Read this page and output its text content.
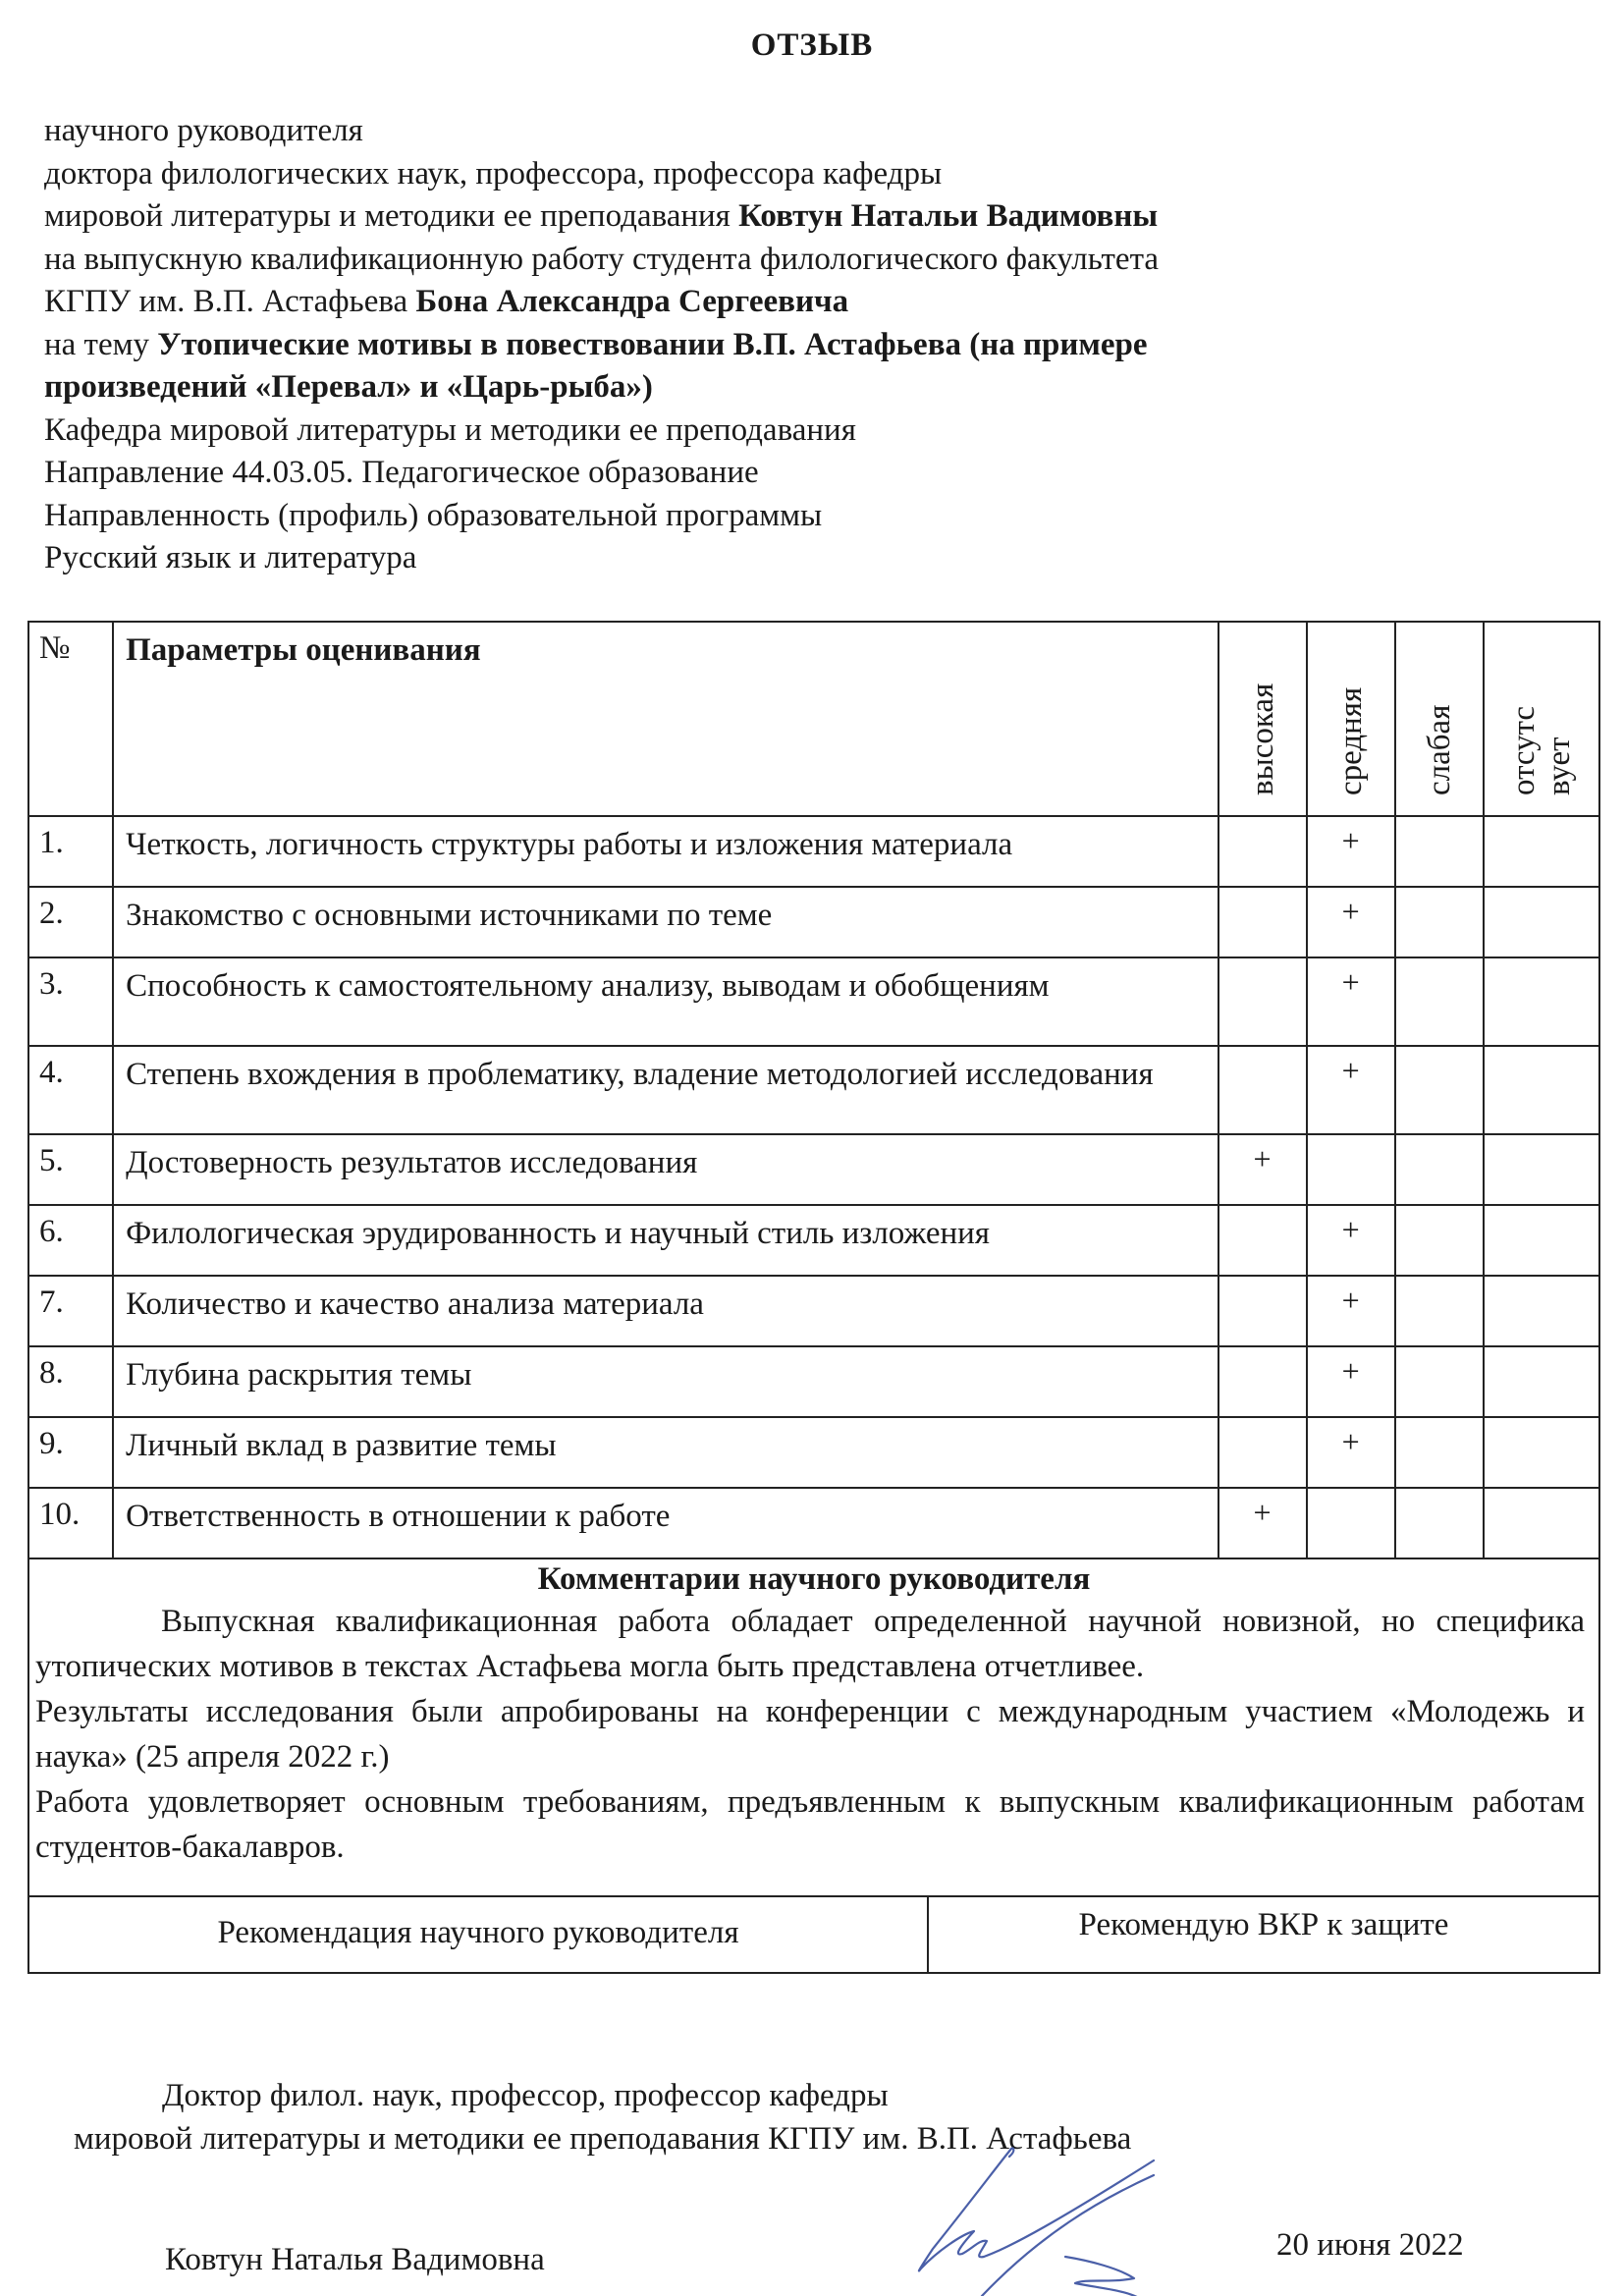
ОТЗЫВ
научного руководителя
доктора филологических наук, профессора, профессора кафедры
мировой литературы и методики ее преподавания Ковтун Натальи Вадимовны
на выпускную квалификационную работу студента филологического факультета
КГПУ им. В.П. Астафьева Бона Александра Сергеевича
на тему Утопические мотивы в повествовании В.П. Астафьева (на примере
произведений «Перевал» и «Царь-рыба»)
Кафедра мировой литературы и методики ее преподавания
Направление 44.03.05. Педагогическое образование
Направленность (профиль) образовательной программы
Русский язык и литература
№	Параметры оценивания	высокая	средняя	слабая	отсутс
вует

1.	Четкость, логичность структуры работы и изложения материала		+		
2.	Знакомство с основными источниками по теме		+		
3.	Способность к самостоятельному анализу, выводам и обобщениям		+		
4.	Степень вхождения в проблематику, владение методологией исследования		+		
5.	Достоверность результатов исследования	+			
6.	Филологическая эрудированность и научный стиль изложения		+		
7.	Количество и качество анализа материала		+		
8.	Глубина раскрытия темы		+		
9.	Личный вклад в развитие темы		+		
10.	Ответственность в отношении к работе	+			
Комментарии научного руководителя

Выпускная квалификационная работа обладает определенной научной новизной, но специфика утопических мотивов в текстах Астафьева могла быть представлена отчетливее.

Результаты исследования были апробированы на конференции с международным участием «Молодежь и наука» (25 апреля 2022 г.)

Работа удовлетворяет основным требованиям, предъявленным к выпускным квалификационным работам студентов-бакалавров.

Рекомендация научного руководителя	Рекомендую ВКР к защите
Доктор филол. наук, профессор, профессор кафедры
мировой литературы и методики ее преподавания КГПУ им. В.П. Астафьева
Ковтун Наталья Вадимовна	20 июня 2022
